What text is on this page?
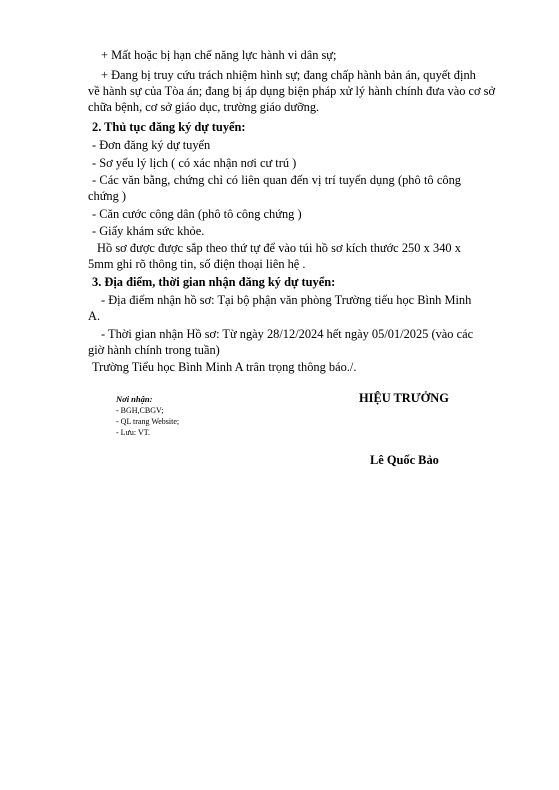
+ Mất hoặc bị hạn chế năng lực hành vi dân sự;
+ Đang bị truy cứu trách nhiệm hình sự; đang chấp hành bản án, quyết định
về hành sự của Tòa án; đang bị áp dụng biện pháp xử lý hành chính đưa vào cơ sở
chữa bệnh, cơ sở giáo dục, trường giáo dưỡng.
2. Thủ tục đăng ký dự tuyển:
- Đơn đăng ký dự tuyển
- Sơ yếu lý lịch ( có xác nhận nơi cư trú )
- Các văn bằng, chứng chỉ có liên quan đến vị trí tuyển dụng (phô tô công
chứng )
- Căn cước công dân (phô tô công chứng )
- Giấy khám sức khỏe.
Hồ sơ được được sắp theo thứ tự để vào túi hồ sơ kích thước 250 x 340 x
5mm ghi rõ thông tin, số điện thoại liên hệ .
3. Địa điểm, thời gian nhận đăng ký dự tuyển:
- Địa điểm nhận hồ sơ: Tại bộ phận văn phòng Trường tiểu học Bình Minh
A.
- Thời gian nhận Hồ sơ: Từ ngày 28/12/2024 hết ngày 05/01/2025 (vào các
giờ hành chính trong tuần)
Trường Tiểu học Bình Minh A trân trọng thông báo./.
Nơi nhận:
- BGH,CBGV;
- QL trang Website;
- Lưu: VT.
HIỆU TRƯỞNG
Lê Quốc Bảo
